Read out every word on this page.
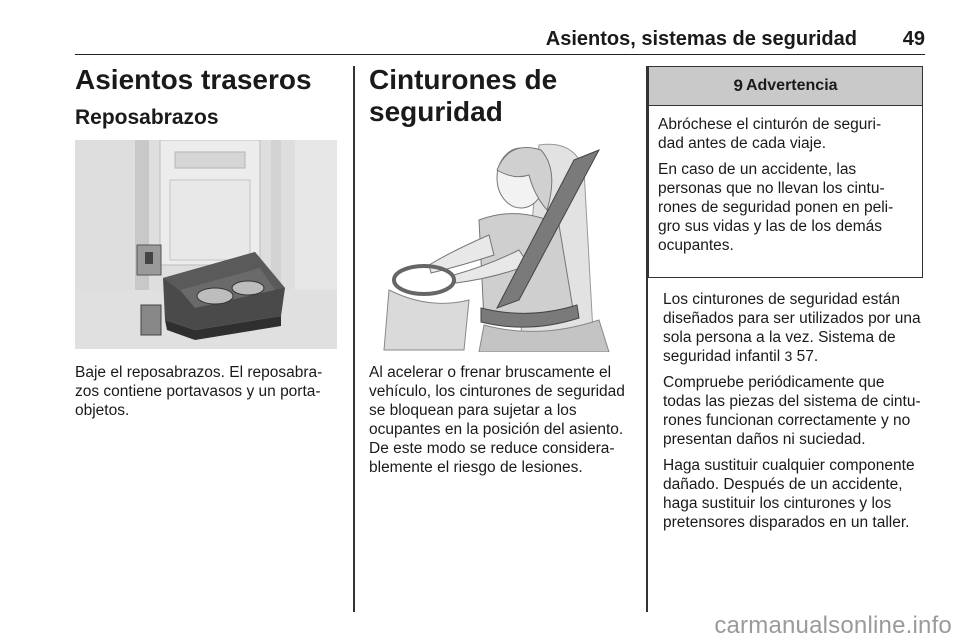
Asientos, sistemas de seguridad 49
Asientos traseros
Reposabrazos

Baje el reposabrazos. El reposabra-

zos contiene portavasos y un porta-

objetos.

Cinturones de
seguridad

Al acelerar o frenar bruscamente el

vehículo, los cinturones de seguridad

se bloquean para sujetar a los

ocupantes en la posición del asiento.

De este modo se reduce considera-

blemente el riesgo de lesiones.

9 Advertencia

Abróchese el cinturón de seguri-
dad antes de cada viaje.

En caso de un accidente, las
personas que no llevan los cintu-
rones de seguridad ponen en peli-
gro sus vidas y las de los demás
ocupantes.

Los cinturones de seguridad están
diseñados para ser utilizados por una
sola persona a la vez. Sistema de
seguridad infantil 3 57.

Compruebe periódicamente que
todas las piezas del sistema de cintu-
rones funcionan correctamente y no
presentan daños ni suciedad.

Haga sustituir cualquier componente
dañado. Después de un accidente,
haga sustituir los cinturones y los
pretensores disparados en un taller.

carmanualsonline.info
